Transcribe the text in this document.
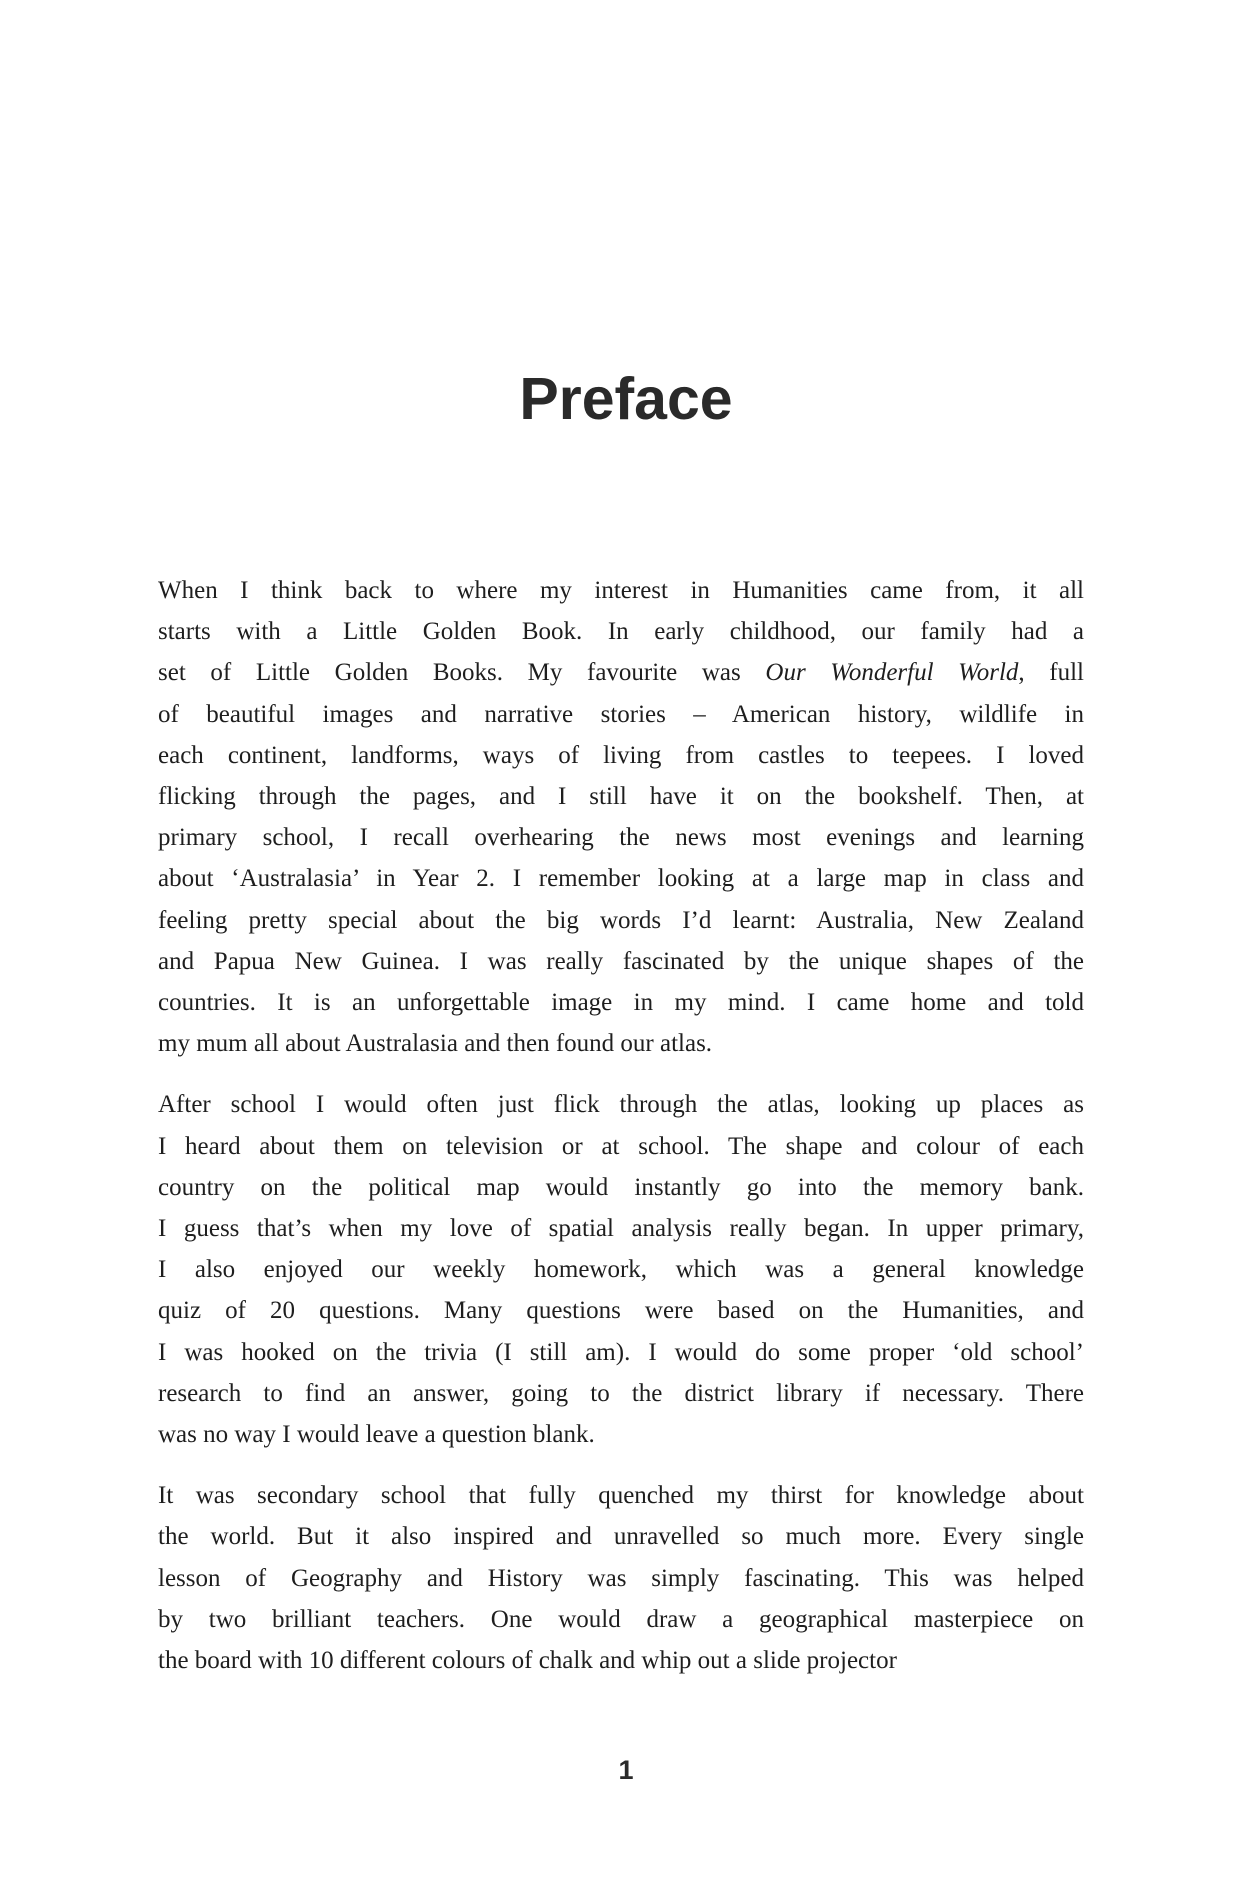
Preface
When I think back to where my interest in Humanities came from, it all
starts with a Little Golden Book. In early childhood, our family had a
set of Little Golden Books. My favourite was Our Wonderful World, full
of beautiful images and narrative stories – American history, wildlife in
each continent, landforms, ways of living from castles to teepees. I loved
flicking through the pages, and I still have it on the bookshelf. Then, at
primary school, I recall overhearing the news most evenings and learning
about ‘Australasia’ in Year 2. I remember looking at a large map in class and
feeling pretty special about the big words I’d learnt: Australia, New Zealand
and Papua New Guinea. I was really fascinated by the unique shapes of the
countries. It is an unforgettable image in my mind. I came home and told
my mum all about Australasia and then found our atlas.
After school I would often just flick through the atlas, looking up places as
I heard about them on television or at school. The shape and colour of each
country on the political map would instantly go into the memory bank.
I guess that’s when my love of spatial analysis really began. In upper primary,
I also enjoyed our weekly homework, which was a general knowledge
quiz of 20 questions. Many questions were based on the Humanities, and
I was hooked on the trivia (I still am). I would do some proper ‘old school’
research to find an answer, going to the district library if necessary. There
was no way I would leave a question blank.
It was secondary school that fully quenched my thirst for knowledge about
the world. But it also inspired and unravelled so much more. Every single
lesson of Geography and History was simply fascinating. This was helped
by two brilliant teachers. One would draw a geographical masterpiece on
the board with 10 different colours of chalk and whip out a slide projector
1
